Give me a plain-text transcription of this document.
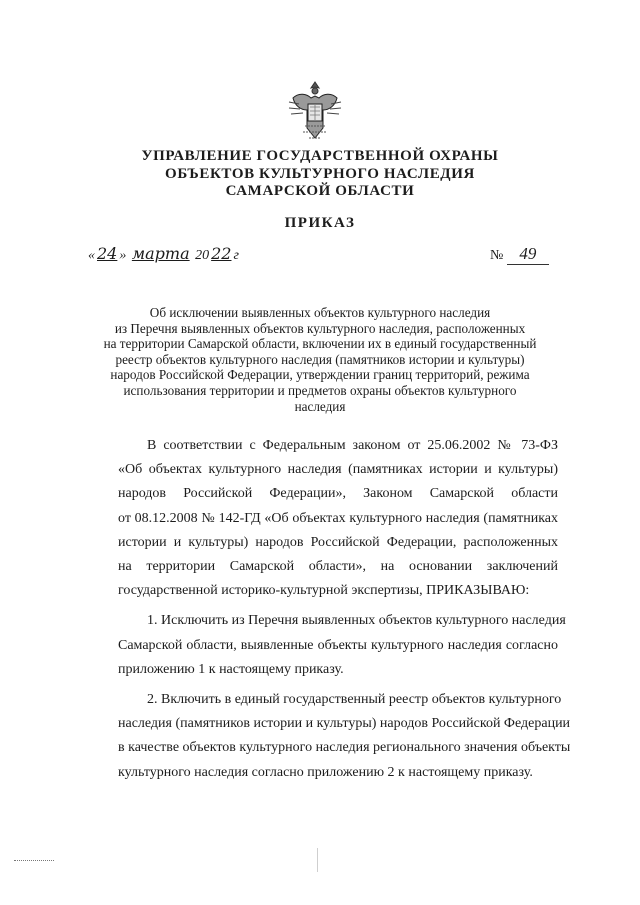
УПРАВЛЕНИЕ ГОСУДАРСТВЕННОЙ ОХРАНЫ
ОБЪЕКТОВ КУЛЬТУРНОГО НАСЛЕДИЯ
САМАРСКОЙ ОБЛАСТИ
ПРИКАЗ
« 24 » марта 20 22 г	№ 49
Об исключении выявленных объектов культурного наследия
из Перечня выявленных объектов культурного наследия, расположенных
на территории Самарской области, включении их в единый государственный
реестр объектов культурного наследия (памятников истории и культуры)
народов Российской Федерации, утверждении границ территорий, режима
использования территории и предметов охраны объектов культурного
наследия

В соответствии с Федеральным законом от 25.06.2002 № 73-ФЗ

«Об объектах культурного наследия (памятниках истории и культуры)

народов Российской Федерации», Законом Самарской области

от 08.12.2008 № 142-ГД «Об объектах культурного наследия (памятниках

истории и культуры) народов Российской Федерации, расположенных

на территории Самарской области», на основании заключений

государственной историко-культурной экспертизы, ПРИКАЗЫВАЮ:

1. Исключить из Перечня выявленных объектов культурного наследия

Самарской области, выявленные объекты культурного наследия согласно

приложению 1 к настоящему приказу.

2. Включить в единый государственный реестр объектов культурного

наследия (памятников истории и культуры) народов Российской Федерации

в качестве объектов культурного наследия регионального значения объекты

культурного наследия согласно приложению 2 к настоящему приказу.
